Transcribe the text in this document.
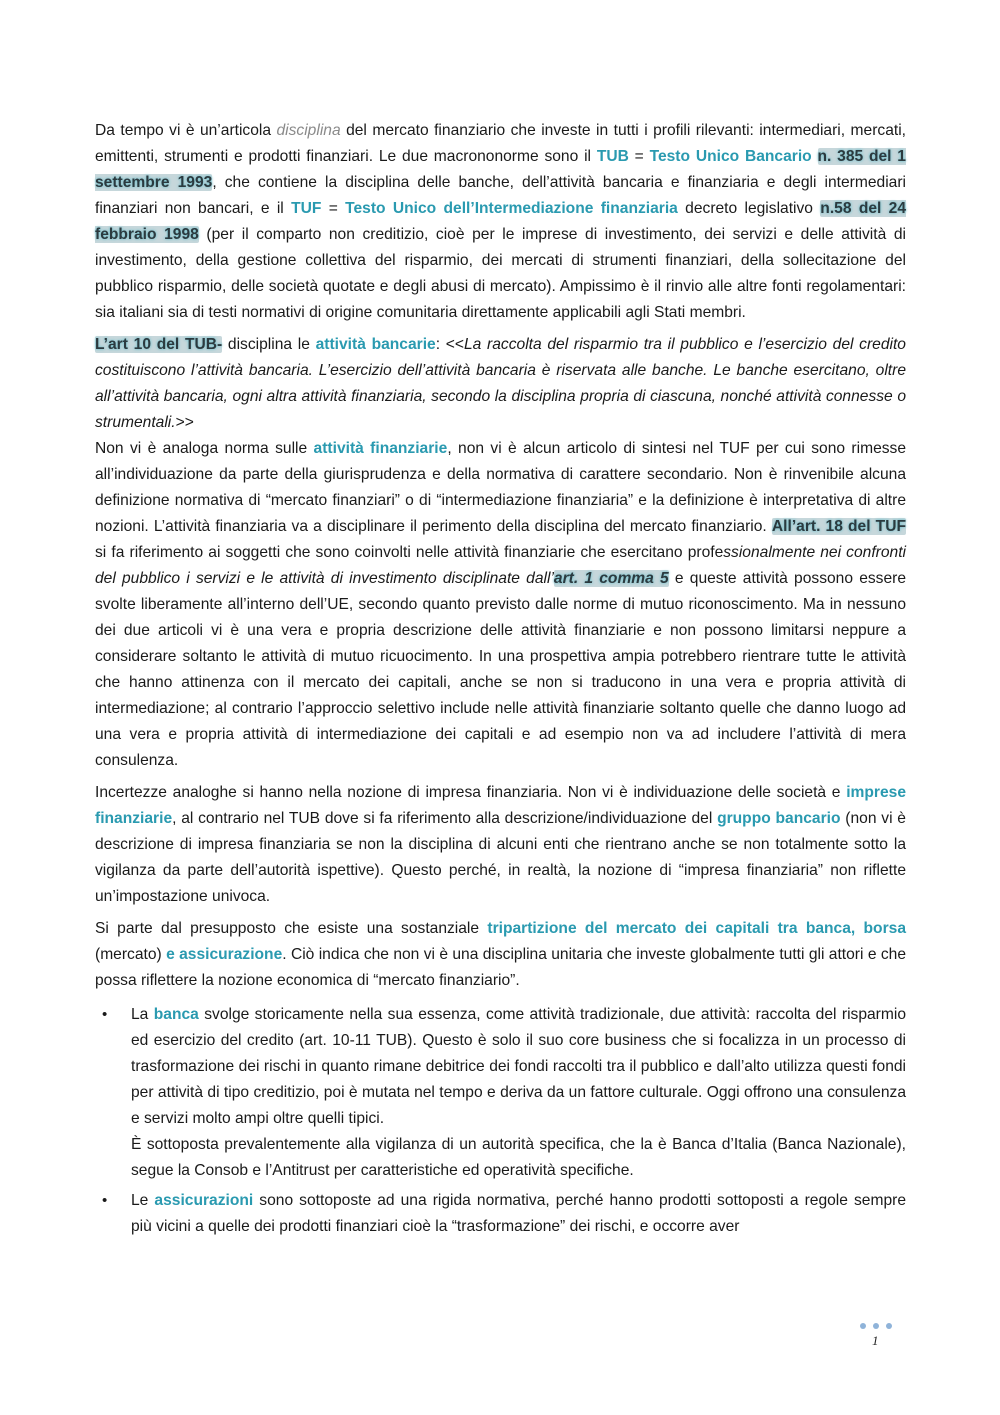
Da tempo vi è un’articola disciplina del mercato finanziario che investe in tutti i profili rilevanti: intermediari, mercati, emittenti, strumenti e prodotti finanziari. Le due macrononorme sono il TUB = Testo Unico Bancario n. 385 del 1 settembre 1993, che contiene la disciplina delle banche, dell’attività bancaria e finanziaria e degli intermediari finanziari non bancari, e il TUF = Testo Unico dell’Intermediazione finanziaria decreto legislativo n.58 del 24 febbraio 1998 (per il comparto non creditizio, cioè per le imprese di investimento, dei servizi e delle attività di investimento, della gestione collettiva del risparmio, dei mercati di strumenti finanziari, della sollecitazione del pubblico risparmio, delle società quotate e degli abusi di mercato). Ampissimo è il rinvio alle altre fonti regolamentari: sia italiani sia di testi normativi di origine comunitaria direttamente applicabili agli Stati membri.

L’art 10 del TUB- disciplina le attività bancarie: <<La raccolta del risparmio tra il pubblico e l’esercizio del credito costituiscono l’attività bancaria. L’esercizio dell’attività bancaria è riservata alle banche. Le banche esercitano, oltre all’attività bancaria, ogni altra attività finanziaria, secondo la disciplina propria di ciascuna, nonché attività connesse o strumentali.>>

Non vi è analoga norma sulle attività finanziarie, non vi è alcun articolo di sintesi nel TUF per cui sono rimesse all’individuazione da parte della giurisprudenza e della normativa di carattere secondario. Non è rinvenibile alcuna definizione normativa di “mercato finanziari” o di “intermediazione finanziaria” e la definizione è interpretativa di altre nozioni. L’attività finanziaria va a disciplinare il perimento della disciplina del mercato finanziario. All’art. 18 del TUF si fa riferimento ai soggetti che sono coinvolti nelle attività finanziarie che esercitano professionalmente nei confronti del pubblico i servizi e le attività di investimento disciplinate dall’art. 1 comma 5 e queste attività possono essere svolte liberamente all’interno dell’UE, secondo quanto previsto dalle norme di mutuo riconoscimento. Ma in nessuno dei due articoli vi è una vera e propria descrizione delle attività finanziarie e non possono limitarsi neppure a considerare soltanto le attività di mutuo ricuocimento. In una prospettiva ampia potrebbero rientrare tutte le attività che hanno attinenza con il mercato dei capitali, anche se non si traducono in una vera e propria attività di intermediazione; al contrario l’approccio selettivo include nelle attività finanziarie soltanto quelle che danno luogo ad una vera e propria attività di intermediazione dei capitali e ad esempio non va ad includere l’attività di mera consulenza.

Incertezze analoghe si hanno nella nozione di impresa finanziaria. Non vi è individuazione delle società e imprese finanziarie, al contrario nel TUB dove si fa riferimento alla descrizione/individuazione del gruppo bancario (non vi è descrizione di impresa finanziaria se non la disciplina di alcuni enti che rientrano anche se non totalmente sotto la vigilanza da parte dell’autorità ispettive). Questo perché, in realtà, la nozione di “impresa finanziaria” non riflette un’impostazione univoca.

Si parte dal presupposto che esiste una sostanziale tripartizione del mercato dei capitali tra banca, borsa (mercato) e assicurazione. Ciò indica che non vi è una disciplina unitaria che investe globalmente tutti gli attori e che possa riflettere la nozione economica di “mercato finanziario”.

• La banca svolge storicamente nella sua essenza, come attività tradizionale, due attività: raccolta del risparmio ed esercizio del credito (art. 10-11 TUB). Questo è solo il suo core business che si focalizza in un processo di trasformazione dei rischi in quanto rimane debitrice dei fondi raccolti tra il pubblico e dall’alto utilizza questi fondi per attività di tipo creditizio, poi è mutata nel tempo e deriva da un fattore culturale. Oggi offrono una consulenza e servizi molto ampi oltre quelli tipici.
È sottoposta prevalentemente alla vigilanza di un autorità specifica, che la è Banca d’Italia (Banca Nazionale), segue la Consob e l’Antitrust per caratteristiche ed operatività specifiche.
• Le assicurazioni sono sottoposte ad una rigida normativa, perché hanno prodotti sottoposti a regole sempre più vicini a quelle dei prodotti finanziari cioè la “trasformazione” dei rischi, e occorre aver
1
